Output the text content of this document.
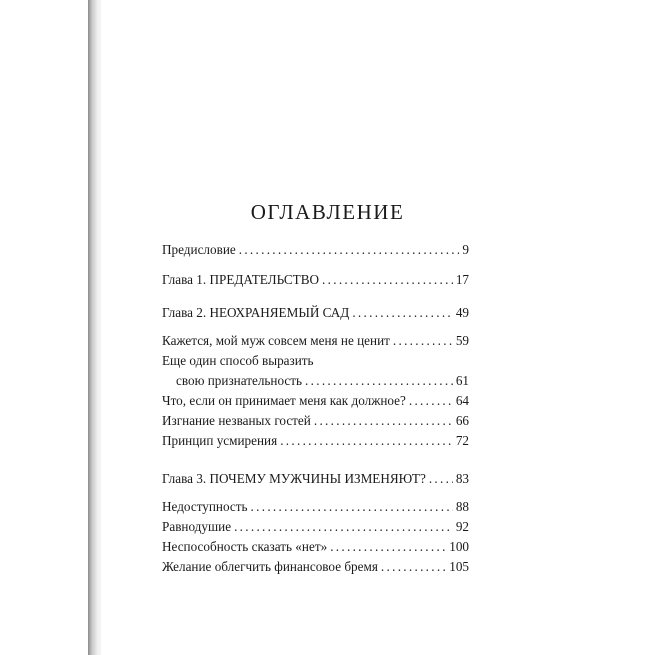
ОГЛАВЛЕНИЕ
Предисловие . . .	9
Глава 1. ПРЕДАТЕЛЬСТВО . . .	17
Глава 2. НЕОХРАНЯЕМЫЙ САД . . .	49
Кажется, мой муж совсем меня не ценит . . .	59
Еще один способ выразить
свою признательность . . .	61
Что, если он принимает меня как должное? . . .	64
Изгнание незваных гостей . . .	66
Принцип усмирения . . .	72
Глава 3. ПОЧЕМУ МУЖЧИНЫ ИЗМЕНЯЮТ? . . . 83
Недоступность . . .	88
Равнодушие . . .	92
Неспособность сказать «нет» . . .	100
Желание облегчить финансовое бремя . . .	105
